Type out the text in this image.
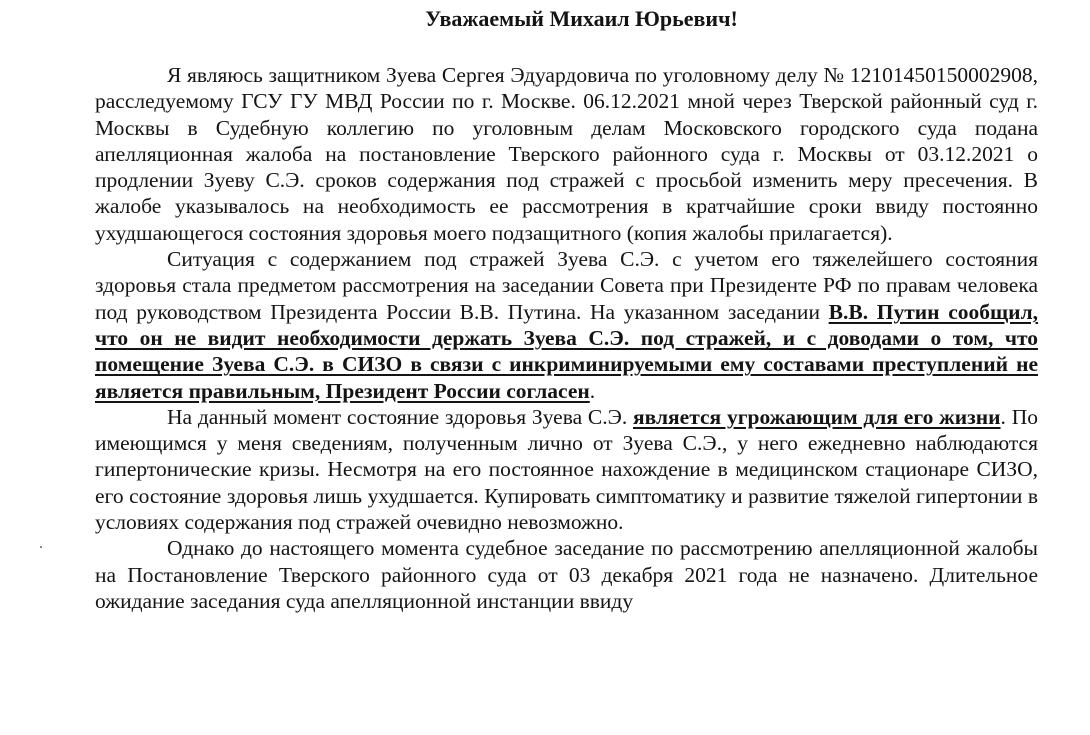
Уважаемый Михаил Юрьевич!

Я являюсь защитником Зуева Сергея Эдуардовича по уголовному делу № 12101450150002908, расследуемому ГСУ ГУ МВД России по г. Москве. 06.12.2021 мной через Тверской районный суд г. Москвы в Судебную коллегию по уголовным делам Московского городского суда подана апелляционная жалоба на постановление Тверского районного суда г. Москвы от 03.12.2021 о продлении Зуеву С.Э. сроков содержания под стражей с просьбой изменить меру пресечения. В жалобе указывалось на необходимость ее рассмотрения в кратчайшие сроки ввиду постоянно ухудшающегося состояния здоровья моего подзащитного (копия жалобы прилагается).

Ситуация с содержанием под стражей Зуева С.Э. с учетом его тяжелейшего состояния здоровья стала предметом рассмотрения на заседании Совета при Президенте РФ по правам человека под руководством Президента России В.В. Путина. На указанном заседании В.В. Путин сообщил, что он не видит необходимости держать Зуева С.Э. под стражей, и с доводами о том, что помещение Зуева С.Э. в СИЗО в связи с инкриминируемыми ему составами преступлений не является правильным, Президент России согласен.

На данный момент состояние здоровья Зуева С.Э. является угрожающим для его жизни. По имеющимся у меня сведениям, полученным лично от Зуева С.Э., у него ежедневно наблюдаются гипертонические кризы. Несмотря на его постоянное нахождение в медицинском стационаре СИЗО, его состояние здоровья лишь ухудшается. Купировать симптоматику и развитие тяжелой гипертонии в условиях содержания под стражей очевидно невозможно.

Однако до настоящего момента судебное заседание по рассмотрению апелляционной жалобы на Постановление Тверского районного суда от 03 декабря 2021 года не назначено. Длительное ожидание заседания суда апелляционной инстанции ввиду
